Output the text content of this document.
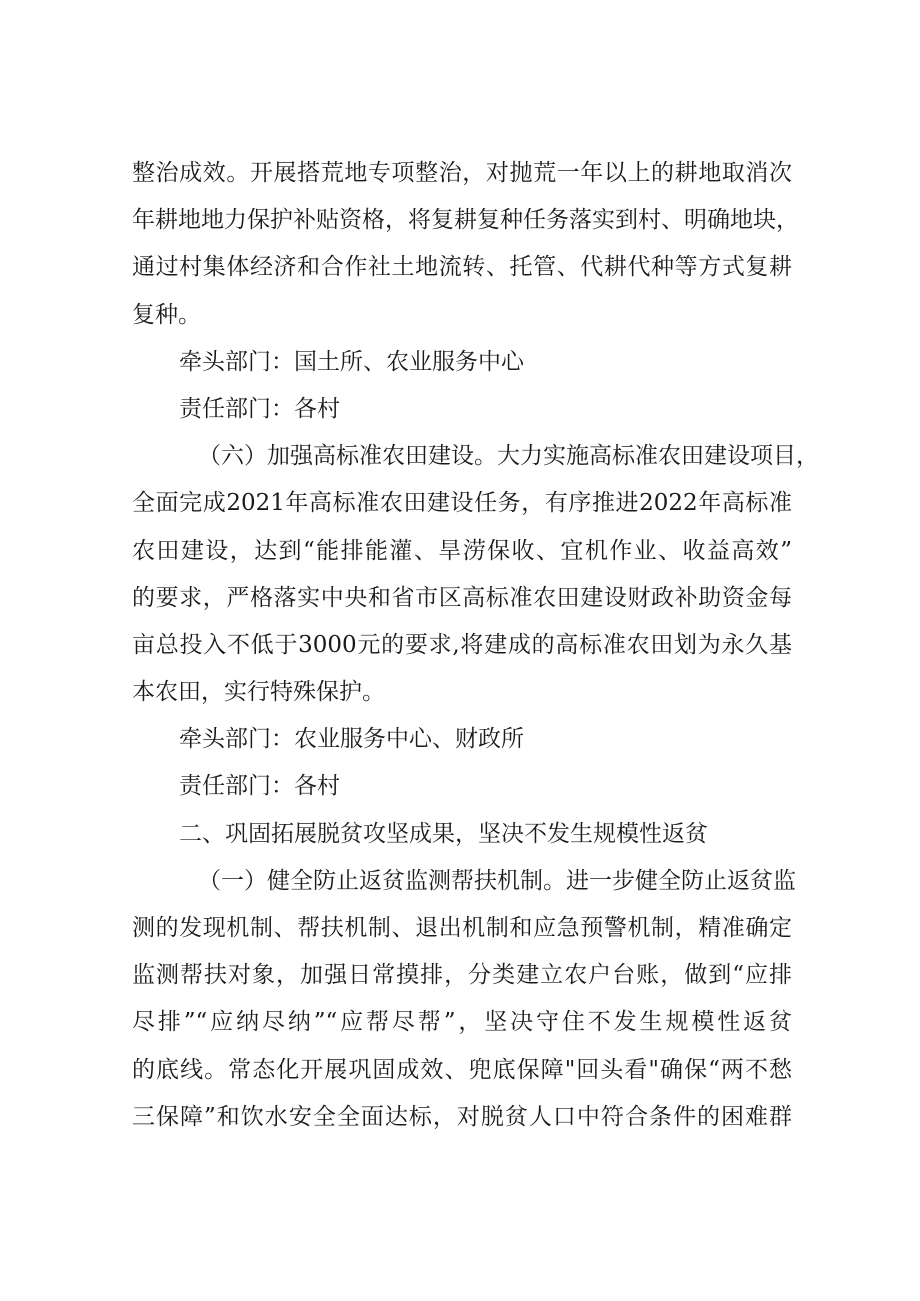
整治成效。开展搭荒地专项整治，对抛荒一年以上的耕地取消次
年耕地地力保护补贴资格，将复耕复种任务落实到村、明确地块，
通过村集体经济和合作社土地流转、托管、代耕代种等方式复耕
复种。
牵头部门：国土所、农业服务中心
责任部门：各村
（六）加强高标准农田建设。大力实施高标准农田建设项目，
全面完成2021年高标准农田建设任务，有序推进2022年高标准
农田建设，达到“能排能灌、旱涝保收、宜机作业、收益高效”
的要求，严格落实中央和省市区高标准农田建设财政补助资金每
亩总投入不低于3000元的要求,将建成的高标准农田划为永久基
本农田，实行特殊保护。
牵头部门：农业服务中心、财政所
责任部门：各村
二、巩固拓展脱贫攻坚成果，坚决不发生规模性返贫
（一）健全防止返贫监测帮扶机制。进一步健全防止返贫监
测的发现机制、帮扶机制、退出机制和应急预警机制，精准确定
监测帮扶对象，加强日常摸排，分类建立农户台账，做到“应排
尽排”“应纳尽纳”“应帮尽帮”，坚决守住不发生规模性返贫
的底线。常态化开展巩固成效、兜底保障"回头看"确保“两不愁
三保障”和饮水安全全面达标，对脱贫人口中符合条件的困难群
